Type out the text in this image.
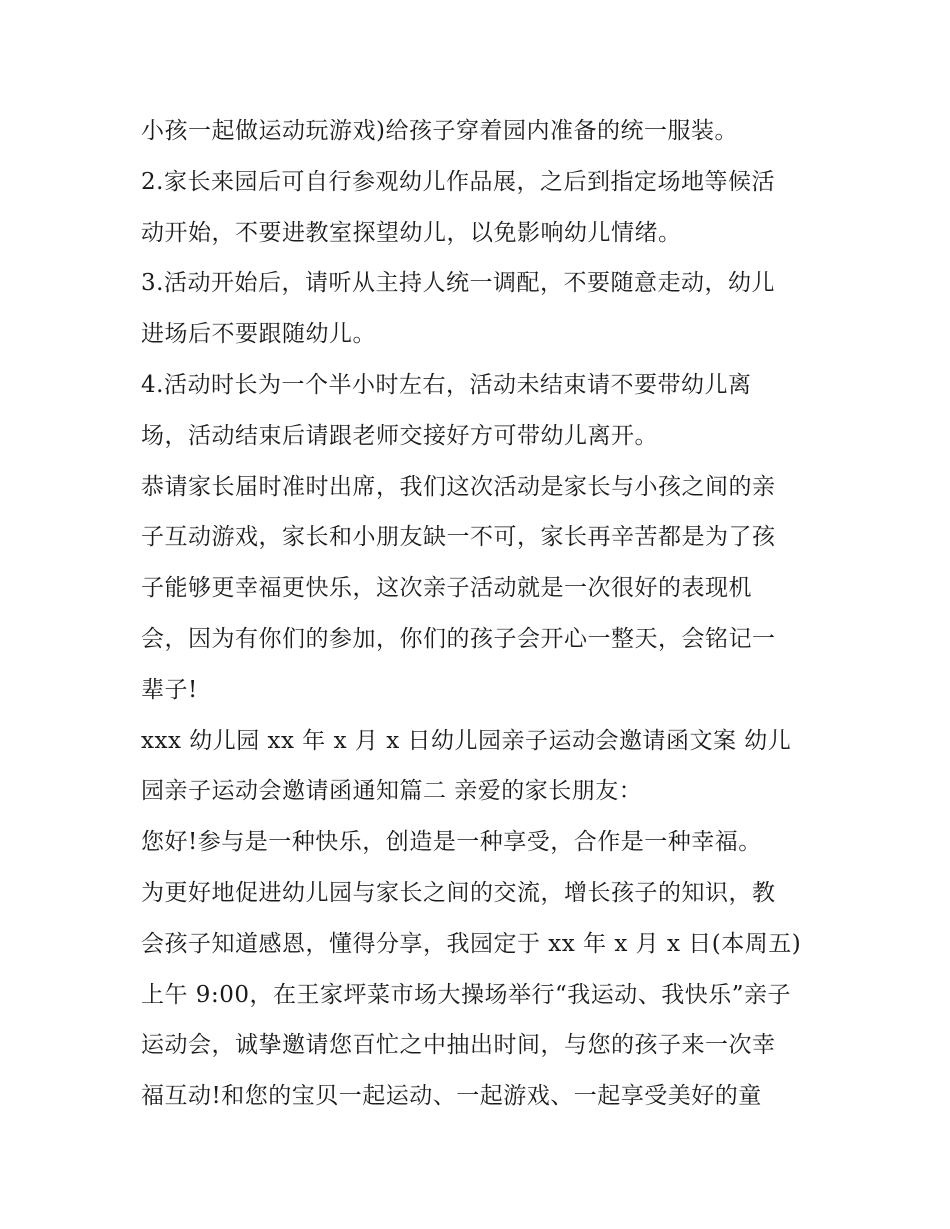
小孩一起做运动玩游戏)给孩子穿着园内准备的统一服装。
2.家长来园后可自行参观幼儿作品展，之后到指定场地等候活
动开始，不要进教室探望幼儿，以免影响幼儿情绪。
3.活动开始后，请听从主持人统一调配，不要随意走动，幼儿
进场后不要跟随幼儿。
4.活动时长为一个半小时左右，活动未结束请不要带幼儿离
场，活动结束后请跟老师交接好方可带幼儿离开。
恭请家长届时准时出席，我们这次活动是家长与小孩之间的亲
子互动游戏，家长和小朋友缺一不可，家长再辛苦都是为了孩
子能够更幸福更快乐，这次亲子活动就是一次很好的表现机
会，因为有你们的参加，你们的孩子会开心一整天，会铭记一
辈子!
xxx 幼儿园 xx 年 x 月 x 日幼儿园亲子运动会邀请函文案 幼儿
园亲子运动会邀请函通知篇二 亲爱的家长朋友：
您好!参与是一种快乐，创造是一种享受，合作是一种幸福。
为更好地促进幼儿园与家长之间的交流，增长孩子的知识，教
会孩子知道感恩，懂得分享，我园定于 xx 年 x 月 x 日(本周五)
上午 9:00，在王家坪菜市场大操场举行“我运动、我快乐”亲子
运动会，诚挚邀请您百忙之中抽出时间，与您的孩子来一次幸
福互动!和您的宝贝一起运动、一起游戏、一起享受美好的童
